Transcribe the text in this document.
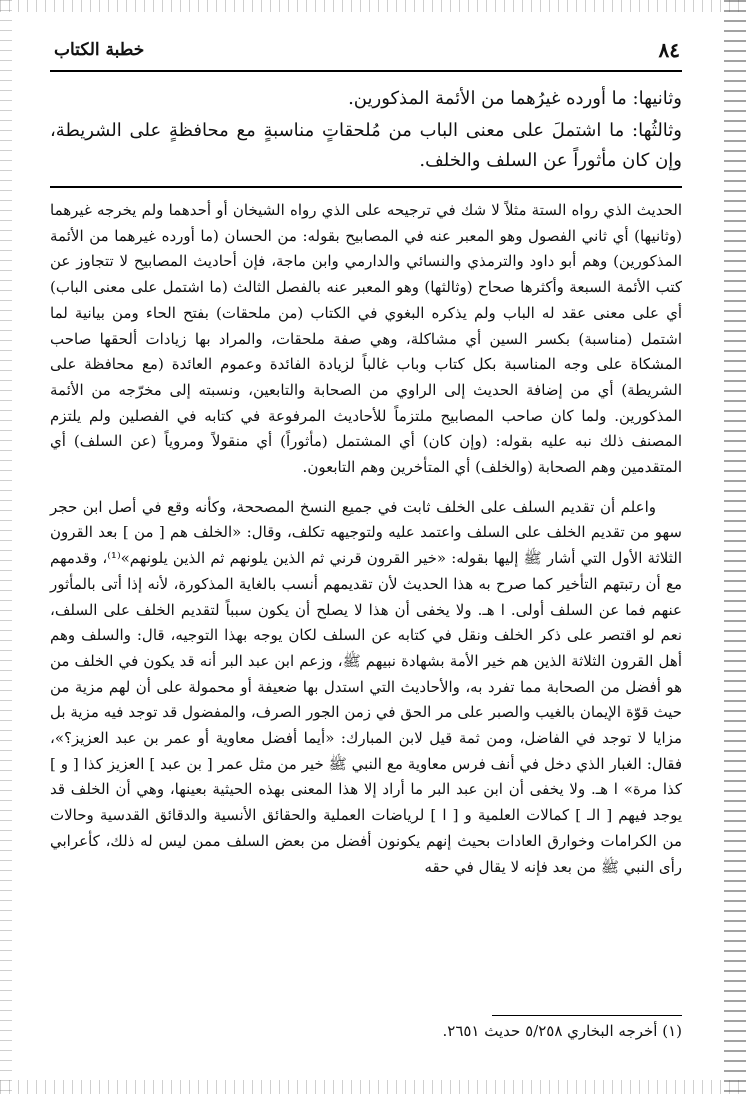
٨٤
خطبة الكتاب

وثانيها: ما أورده غيرُهما من الأئمة المذكورين.

وثالثُها: ما اشتملَ على معنى الباب من مُلحقاتٍ مناسبةٍ مع محافظةٍ على الشريطة، وإن كان مأثوراً عن السلف والخلف.

الحديث الذي رواه الستة مثلاً لا شك في ترجيحه على الذي رواه الشيخان أو أحدهما ولم يخرجه غيرهما (وثانيها) أي ثاني الفصول وهو المعبر عنه في المصابيح بقوله: من الحسان (ما أورده غيرهما من الأئمة المذكورين) وهم أبو داود والترمذي والنسائي والدارمي وابن ماجة، فإن أحاديث المصابيح لا تتجاوز عن كتب الأئمة السبعة وأكثرها صحاح (وثالثها) وهو المعبر عنه بالفصل الثالث (ما اشتمل على معنى الباب) أي على معنى عقد له الباب ولم يذكره البغوي في الكتاب (من ملحقات) بفتح الحاء ومن بيانية لما اشتمل (مناسبة) بكسر السين أي مشاكلة، وهي صفة ملحقات، والمراد بها زيادات ألحقها صاحب المشكاة على وجه المناسبة بكل كتاب وباب غالباً لزيادة الفائدة وعموم العائدة (مع محافظة على الشريطة) أي من إضافة الحديث إلى الراوي من الصحابة والتابعين، ونسبته إلى مخرّجه من الأئمة المذكورين. ولما كان صاحب المصابيح ملتزماً للأحاديث المرفوعة في كتابه في الفصلين ولم يلتزم المصنف ذلك نبه عليه بقوله: (وإن كان) أي المشتمل (مأثوراً) أي منقولاً ومروياً (عن السلف) أي المتقدمين وهم الصحابة (والخلف) أي المتأخرين وهم التابعون.

واعلم أن تقديم السلف على الخلف ثابت في جميع النسخ المصححة، وكأنه وقع في أصل ابن حجر سهو من تقديم الخلف على السلف واعتمد عليه ولتوجيهه تكلف، وقال: «الخلف هم [ من ] بعد القرون الثلاثة الأول التي أشار ﷺ إليها بقوله: «خير القرون قرني ثم الذين يلونهم ثم الذين يلونهم»⁽¹⁾، وقدمهم مع أن رتبتهم التأخير كما صرح به هذا الحديث لأن تقديمهم أنسب بالغاية المذكورة، لأنه إذا أتى بالمأثور عنهم فما عن السلف أولى. ا هـ. ولا يخفى أن هذا لا يصلح أن يكون سبباً لتقديم الخلف على السلف، نعم لو اقتصر على ذكر الخلف ونقل في كتابه عن السلف لكان يوجه بهذا التوجيه، قال: والسلف وهم أهل القرون الثلاثة الذين هم خير الأمة بشهادة نبيهم ﷺ، وزعم ابن عبد البر أنه قد يكون في الخلف من هو أفضل من الصحابة مما تفرد به، والأحاديث التي استدل بها ضعيفة أو محمولة على أن لهم مزية من حيث قوّة الإيمان بالغيب والصبر على مر الحق في زمن الجور الصرف، والمفضول قد توجد فيه مزية بل مزايا لا توجد في الفاضل، ومن ثمة قيل لابن المبارك: «أيما أفضل معاوية أو عمر بن عبد العزيز؟»، فقال: الغبار الذي دخل في أنف فرس معاوية مع النبي ﷺ خير من مثل عمر [ بن عبد ] العزيز كذا [ و ] كذا مرة» ا هـ. ولا يخفى أن ابن عبد البر ما أراد إلا هذا المعنى بهذه الحيثية بعينها، وهي أن الخلف قد يوجد فيهم [ الـ ] كمالات العلمية و [ ا ] لرياضات العملية والحقائق الأنسية والدقائق القدسية وحالات من الكرامات وخوارق العادات بحيث إنهم يكونون أفضل من بعض السلف ممن ليس له ذلك، كأعرابي رأى النبي ﷺ من بعد فإنه لا يقال في حقه

(١) أخرجه البخاري ٥/٢٥٨ حديث ٢٦٥١.
